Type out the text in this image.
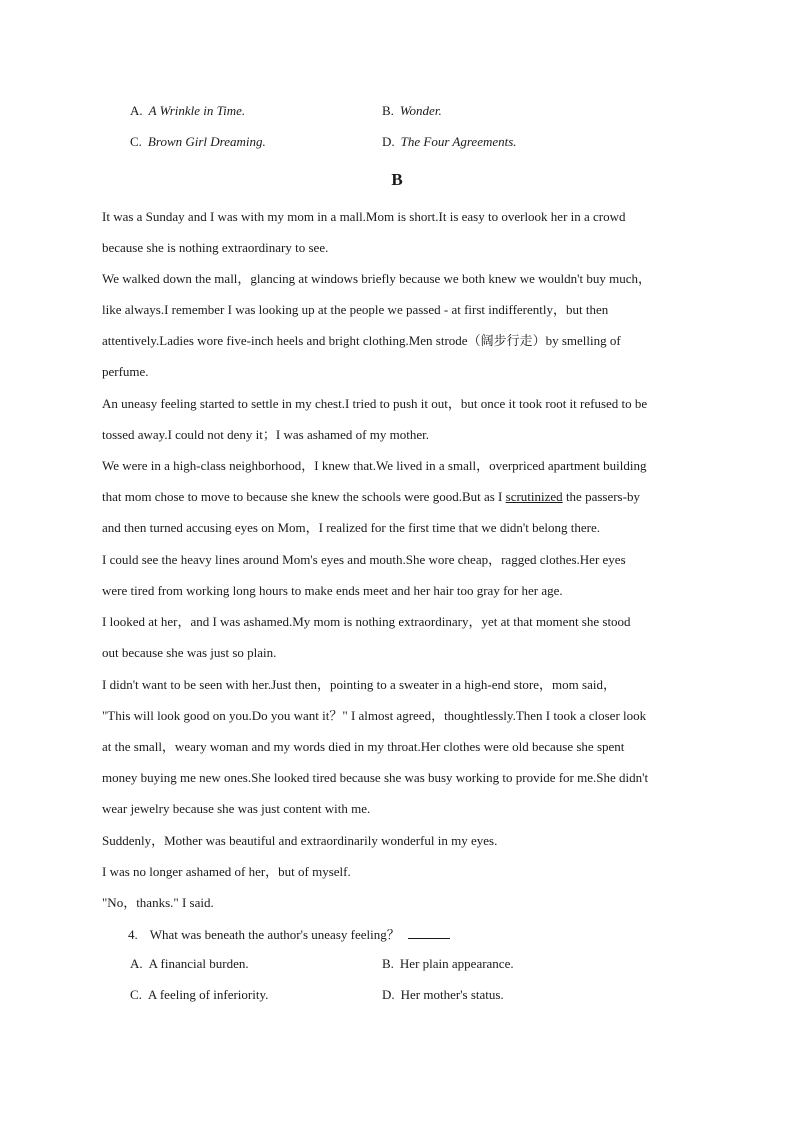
A. A Wrinkle in Time.	B. Wonder.
C. Brown Girl Dreaming.	D. The Four Agreements.
B
It was a Sunday and I was with my mom in a mall.Mom is short.It is easy to overlook her in a crowd
because she is nothing extraordinary to see.
We walked down the mall，glancing at windows briefly because we both knew we wouldn't buy much，
like always.I remember I was looking up at the people we passed - at first indifferently，but then
attentively.Ladies wore five-inch heels and bright clothing.Men strode（阔步行走）by smelling of
perfume.
An uneasy feeling started to settle in my chest.I tried to push it out，but once it took root it refused to be
tossed away.I could not deny it；I was ashamed of my mother.
We were in a high-class neighborhood，I knew that.We lived in a small，overpriced apartment building
that mom chose to move to because she knew the schools were good.But as I scrutinized the passers-by
and then turned accusing eyes on Mom，I realized for the first time that we didn't belong there.
I could see the heavy lines around Mom's eyes and mouth.She wore cheap，ragged clothes.Her eyes
were tired from working long hours to make ends meet and her hair too gray for her age.
I looked at her，and I was ashamed.My mom is nothing extraordinary，yet at that moment she stood
out because she was just so plain.
I didn't want to be seen with her.Just then，pointing to a sweater in a high-end store，mom said，
"This will look good on you.Do you want it？" I almost agreed，thoughtlessly.Then I took a closer look
at the small，weary woman and my words died in my throat.Her clothes were old because she spent
money buying me new ones.She looked tired because she was busy working to provide for me.She didn't
wear jewelry because she was just content with me.
Suddenly，Mother was beautiful and extraordinarily wonderful in my eyes.
I was no longer ashamed of her，but of myself.
"No，thanks." I said.
4. What was beneath the author's uneasy feeling？
A. A financial burden.	B. Her plain appearance.
C. A feeling of inferiority.	D. Her mother's status.
